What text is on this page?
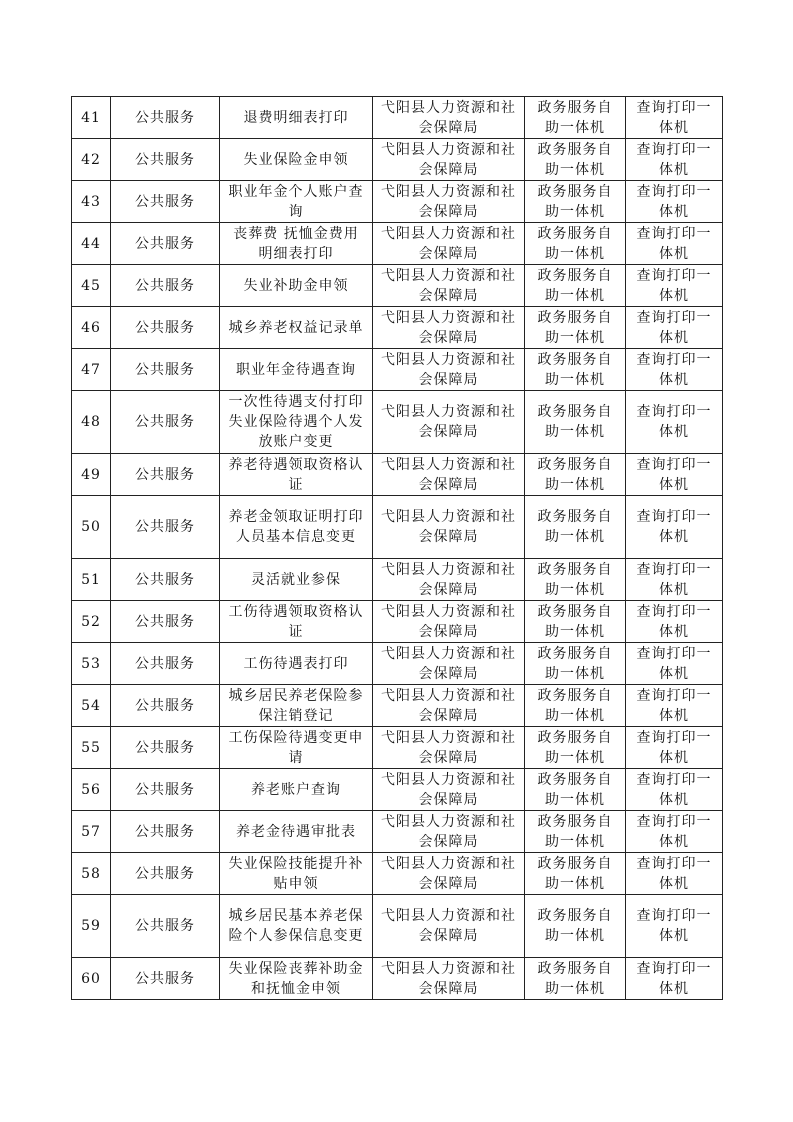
41	公共服务	退费明细表打印	弋阳县人力资源和社会保障局	政务服务自助一体机	查询打印一体机
42	公共服务	失业保险金申领	弋阳县人力资源和社会保障局	政务服务自助一体机	查询打印一体机
43	公共服务	职业年金个人账户查询	弋阳县人力资源和社会保障局	政务服务自助一体机	查询打印一体机
44	公共服务	丧葬费 抚恤金费用明细表打印	弋阳县人力资源和社会保障局	政务服务自助一体机	查询打印一体机
45	公共服务	失业补助金申领	弋阳县人力资源和社会保障局	政务服务自助一体机	查询打印一体机
46	公共服务	城乡养老权益记录单	弋阳县人力资源和社会保障局	政务服务自助一体机	查询打印一体机
47	公共服务	职业年金待遇查询	弋阳县人力资源和社会保障局	政务服务自助一体机	查询打印一体机
48	公共服务	一次性待遇支付打印失业保险待遇个人发放账户变更	弋阳县人力资源和社会保障局	政务服务自助一体机	查询打印一体机
49	公共服务	养老待遇领取资格认证	弋阳县人力资源和社会保障局	政务服务自助一体机	查询打印一体机
50	公共服务	养老金领取证明打印 人员基本信息变更	弋阳县人力资源和社会保障局	政务服务自助一体机	查询打印一体机
51	公共服务	灵活就业参保	弋阳县人力资源和社会保障局	政务服务自助一体机	查询打印一体机
52	公共服务	工伤待遇领取资格认证	弋阳县人力资源和社会保障局	政务服务自助一体机	查询打印一体机
53	公共服务	工伤待遇表打印	弋阳县人力资源和社会保障局	政务服务自助一体机	查询打印一体机
54	公共服务	城乡居民养老保险参保注销登记	弋阳县人力资源和社会保障局	政务服务自助一体机	查询打印一体机
55	公共服务	工伤保险待遇变更申请	弋阳县人力资源和社会保障局	政务服务自助一体机	查询打印一体机
56	公共服务	养老账户查询	弋阳县人力资源和社会保障局	政务服务自助一体机	查询打印一体机
57	公共服务	养老金待遇审批表	弋阳县人力资源和社会保障局	政务服务自助一体机	查询打印一体机
58	公共服务	失业保险技能提升补贴申领	弋阳县人力资源和社会保障局	政务服务自助一体机	查询打印一体机
59	公共服务	城乡居民基本养老保险个人参保信息变更	弋阳县人力资源和社会保障局	政务服务自助一体机	查询打印一体机
60	公共服务	失业保险丧葬补助金和抚恤金申领	弋阳县人力资源和社会保障局	政务服务自助一体机	查询打印一体机
